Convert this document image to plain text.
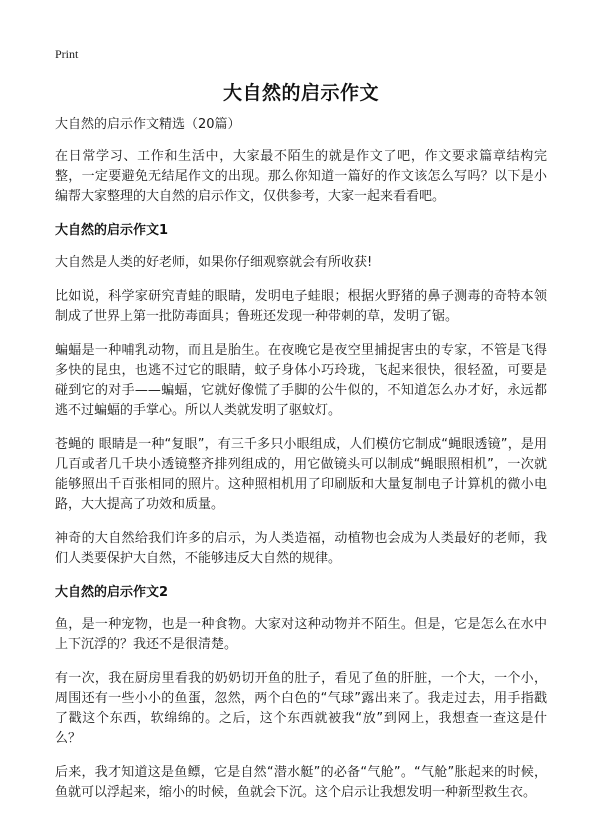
Print
大自然的启示作文
大自然的启示作文精选（20篇）

在日常学习、工作和生活中，大家最不陌生的就是作文了吧，作文要求篇章结构完整，一定要避免无结尾作文的出现。那么你知道一篇好的作文该怎么写吗？以下是小编帮大家整理的大自然的启示作文，仅供参考，大家一起来看看吧。

大自然的启示作文1

大自然是人类的好老师，如果你仔细观察就会有所收获!

比如说，科学家研究青蛙的眼睛，发明电子蛙眼；根据火野猪的鼻子测毒的奇特本领制成了世界上第一批防毒面具；鲁班还发现一种带刺的草，发明了锯。

蝙蝠是一种哺乳动物，而且是胎生。在夜晚它是夜空里捕捉害虫的专家，不管是飞得多快的昆虫，也逃不过它的眼睛，蚊子身体小巧玲珑，飞起来很快，很轻盈，可要是碰到它的对手——蝙蝠，它就好像慌了手脚的公牛似的，不知道怎么办才好，永远都逃不过蝙蝠的手掌心。所以人类就发明了驱蚊灯。

苍蝇的 眼睛是一种“复眼”，有三千多只小眼组成，人们模仿它制成“蝇眼透镜”，是用几百或者几千块小透镜整齐排列组成的，用它做镜头可以制成“蝇眼照相机”，一次就能够照出千百张相同的照片。这种照相机用了印刷版和大量复制电子计算机的微小电路，大大提高了功效和质量。

神奇的大自然给我们许多的启示，为人类造福，动植物也会成为人类最好的老师，我们人类要保护大自然，不能够违反大自然的规律。

大自然的启示作文2

鱼，是一种宠物，也是一种食物。大家对这种动物并不陌生。但是，它是怎么在水中上下沉浮的？我还不是很清楚。

有一次，我在厨房里看我的奶奶切开鱼的肚子，看见了鱼的肝脏，一个大，一个小，周围还有一些小小的鱼蛋，忽然，两个白色的“气球”露出来了。我走过去，用手指戳了戳这个东西，软绵绵的。之后，这个东西就被我“放”到网上，我想查一查这是什么？

后来，我才知道这是鱼鳔，它是自然“潜水艇”的必备“气舱”。“气舱”胀起来的时候，鱼就可以浮起来，缩小的时候，鱼就会下沉。这个启示让我想发明一种新型救生衣。
